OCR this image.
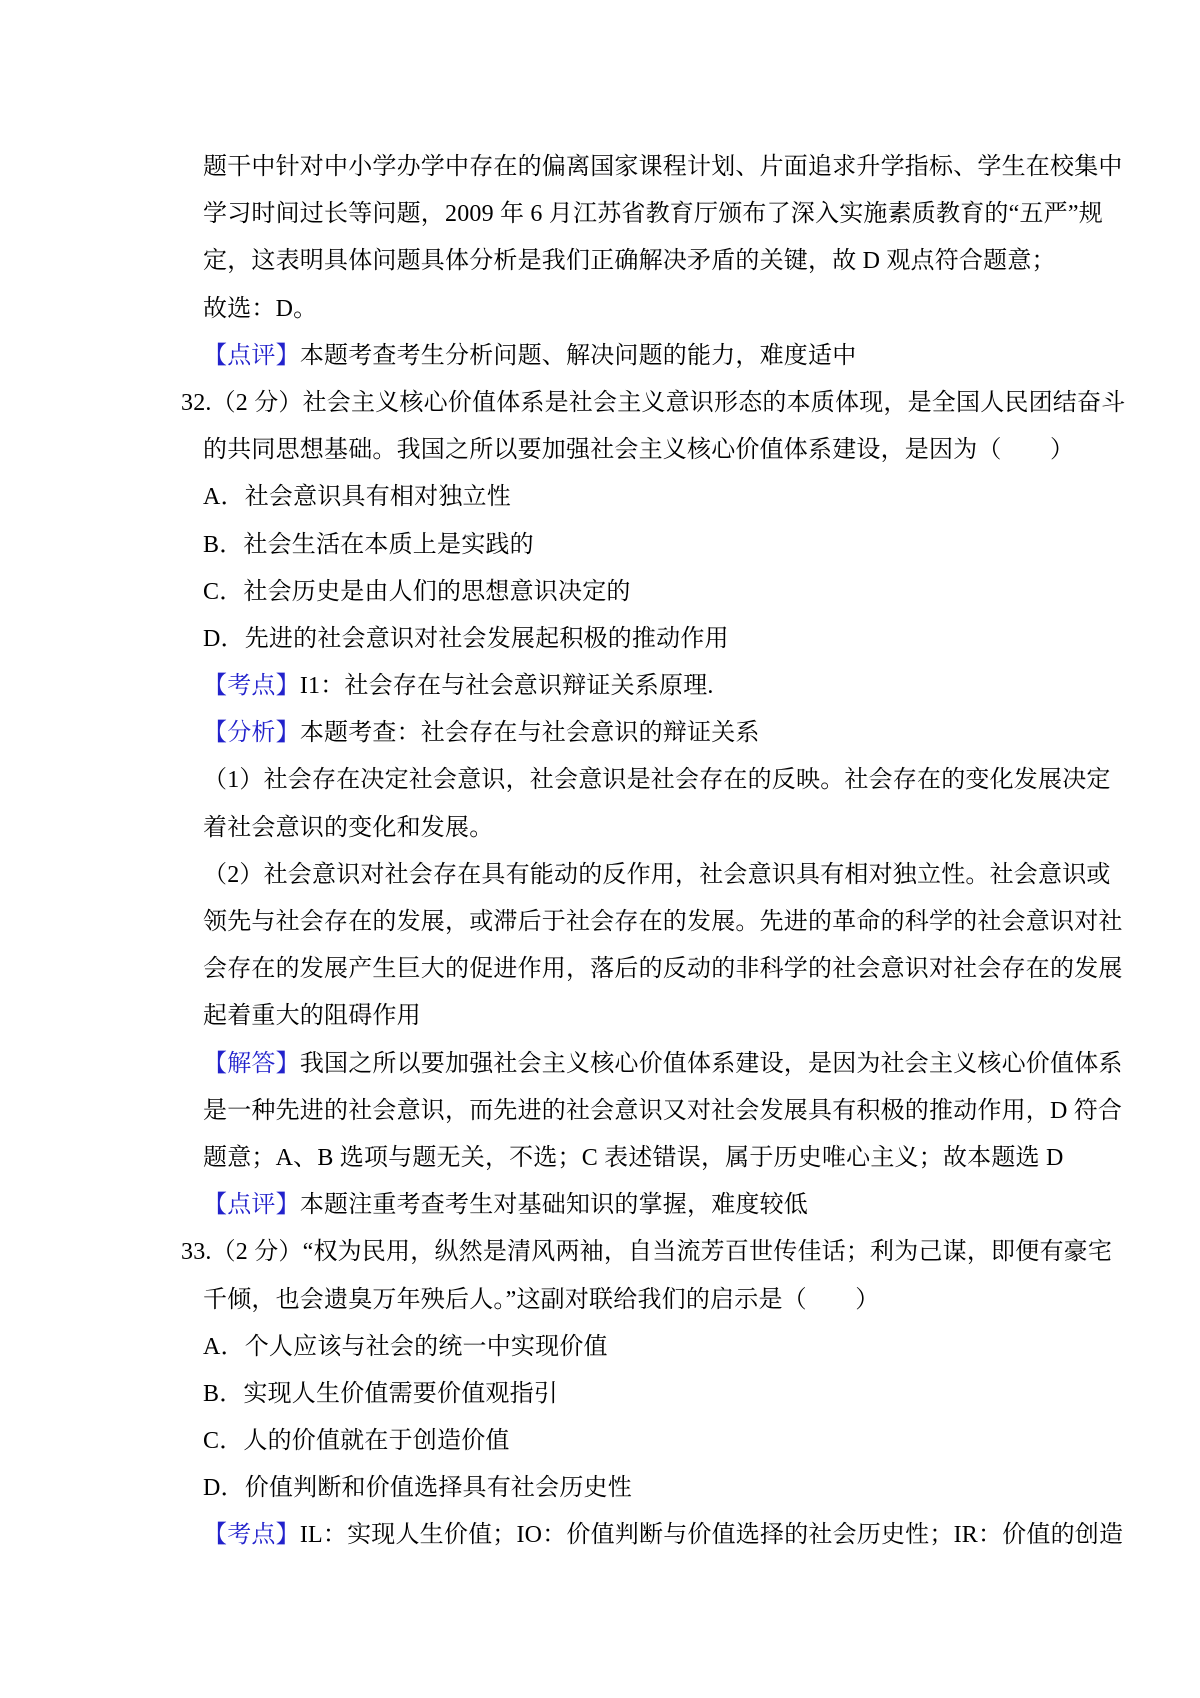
题干中针对中小学办学中存在的偏离国家课程计划、片面追求升学指标、学生在校集中
学习时间过长等问题，2009 年 6 月江苏省教育厅颁布了深入实施素质教育的“五严”规
定，这表明具体问题具体分析是我们正确解决矛盾的关键，故 D 观点符合题意；
故选：D。
【点评】本题考查考生分析问题、解决问题的能力，难度适中
32.（2 分）社会主义核心价值体系是社会主义意识形态的本质体现，是全国人民团结奋斗
的共同思想基础。我国之所以要加强社会主义核心价值体系建设，是因为（　　）
A．社会意识具有相对独立性
B．社会生活在本质上是实践的
C．社会历史是由人们的思想意识决定的
D．先进的社会意识对社会发展起积极的推动作用
【考点】I1：社会存在与社会意识辩证关系原理.
【分析】本题考查：社会存在与社会意识的辩证关系
（1）社会存在决定社会意识，社会意识是社会存在的反映。社会存在的变化发展决定
着社会意识的变化和发展。
（2）社会意识对社会存在具有能动的反作用，社会意识具有相对独立性。社会意识或
领先与社会存在的发展，或滞后于社会存在的发展。先进的革命的科学的社会意识对社
会存在的发展产生巨大的促进作用，落后的反动的非科学的社会意识对社会存在的发展
起着重大的阻碍作用
【解答】我国之所以要加强社会主义核心价值体系建设，是因为社会主义核心价值体系
是一种先进的社会意识，而先进的社会意识又对社会发展具有积极的推动作用，D 符合
题意；A、B 选项与题无关，不选；C 表述错误，属于历史唯心主义；故本题选 D
【点评】本题注重考查考生对基础知识的掌握，难度较低
33.（2 分）“权为民用，纵然是清风两袖，自当流芳百世传佳话；利为己谋，即便有豪宅
千倾，也会遗臭万年殃后人。”这副对联给我们的启示是（　　）
A．个人应该与社会的统一中实现价值
B．实现人生价值需要价值观指引
C．人的价值就在于创造价值
D．价值判断和价值选择具有社会历史性
【考点】IL：实现人生价值；IO：价值判断与价值选择的社会历史性；IR：价值的创造
